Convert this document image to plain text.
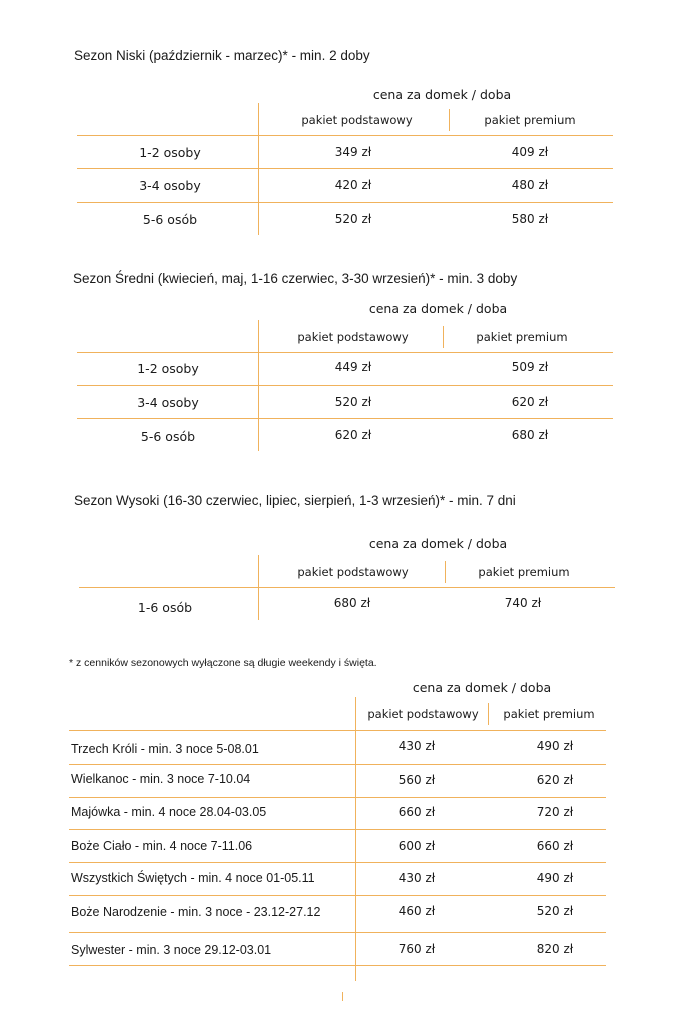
Sezon Niski (październik - marzec)* - min. 2 doby
cena za domek / doba
pakiet podstawowy	pakiet premium
1-2 osoby	349 zł	409 zł
3-4 osoby	420 zł	480 zł
5-6 osób	520 zł	580 zł
Sezon Średni (kwiecień, maj, 1-16 czerwiec, 3-30 wrzesień)* - min. 3 doby
cena za domek / doba
pakiet podstawowy	pakiet premium
1-2 osoby	449 zł	509 zł
3-4 osoby	520 zł	620 zł
5-6 osób	620 zł	680 zł
Sezon Wysoki (16-30 czerwiec, lipiec, sierpień, 1-3 wrzesień)* - min. 7 dni
cena za domek / doba
pakiet podstawowy	pakiet premium
1-6 osób	680 zł	740 zł
* z cenników sezonowych wyłączone są długie weekendy i święta.
cena za domek / doba
pakiet podstawowy	pakiet premium
Trzech Króli - min. 3 noce 5-08.01	430 zł	490 zł
Wielkanoc - min. 3 noce 7-10.04	560 zł	620 zł
Majówka - min. 4 noce 28.04-03.05	660 zł	720 zł
Boże Ciało - min. 4 noce 7-11.06	600 zł	660 zł
Wszystkich Świętych - min. 4 noce 01-05.11	430 zł	490 zł
Boże Narodzenie - min. 3 noce - 23.12-27.12	460 zł	520 zł
Sylwester - min. 3 noce 29.12-03.01	760 zł	820 zł
